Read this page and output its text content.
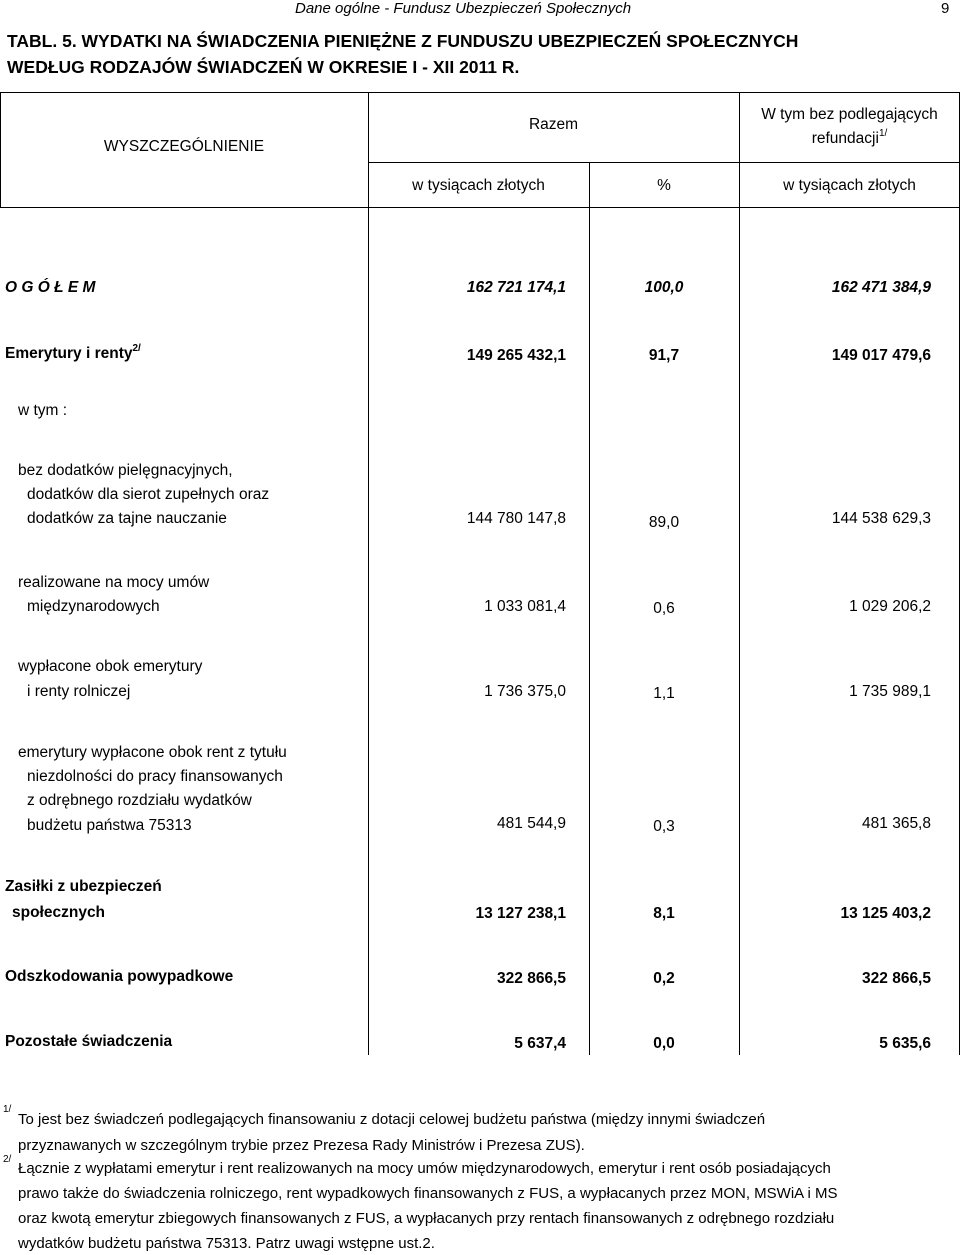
Dane ogólne - Fundusz Ubezpieczeń Społecznych	9
TABL. 5. WYDATKI NA ŚWIADCZENIA PIENIĘŻNE Z FUNDUSZU UBEZPIECZEŃ SPOŁECZNYCH
WEDŁUG RODZAJÓW ŚWIADCZEŃ W OKRESIE I - XII 2011 R.
WYSZCZEGÓLNIENIE
Razem
W tym bez podlegających
refundacji$^{1/}$
w tysiącach złotych	%	w tysiącach złotych
O G Ó Ł E M	162 721 174,1	100,0	162 471 384,9
Emerytury i renty$^{2/}$	149 265 432,1	91,7	149 017 479,6
w tym :
bez dodatków pielęgnacyjnych,
dodatków dla sierot zupełnych oraz
dodatków za tajne nauczanie	144 780 147,8	89,0	144 538 629,3
realizowane na mocy umów
międzynarodowych	1 033 081,4	0,6	1 029 206,2
wypłacone obok emerytury
i renty rolniczej	1 736 375,0	1,1	1 735 989,1
emerytury wypłacone obok rent z tytułu
niezdolności do pracy finansowanych
z odrębnego rozdziału wydatków
budżetu państwa 75313	481 544,9	0,3	481 365,8
Zasiłki z ubezpieczeń
społecznych	13 127 238,1	8,1	13 125 403,2
Odszkodowania powypadkowe	322 866,5	0,2	322 866,5
Pozostałe świadczenia	5 637,4	0,0	5 635,6
1/
To jest bez świadczeń podlegających finansowaniu z dotacji celowej budżetu państwa (między innymi świadczeń
przyznawanych w szczególnym trybie przez Prezesa Rady Ministrów i Prezesa ZUS).
2/
Łącznie z wypłatami emerytur i rent realizowanych na mocy umów międzynarodowych, emerytur i rent osób posiadających
prawo także do świadczenia rolniczego, rent wypadkowych finansowanych z FUS, a wypłacanych przez MON, MSWiA i MS
oraz kwotą emerytur zbiegowych finansowanych z FUS, a wypłacanych przy rentach finansowanych z odrębnego rozdziału
wydatków budżetu państwa 75313. Patrz uwagi wstępne ust.2.
